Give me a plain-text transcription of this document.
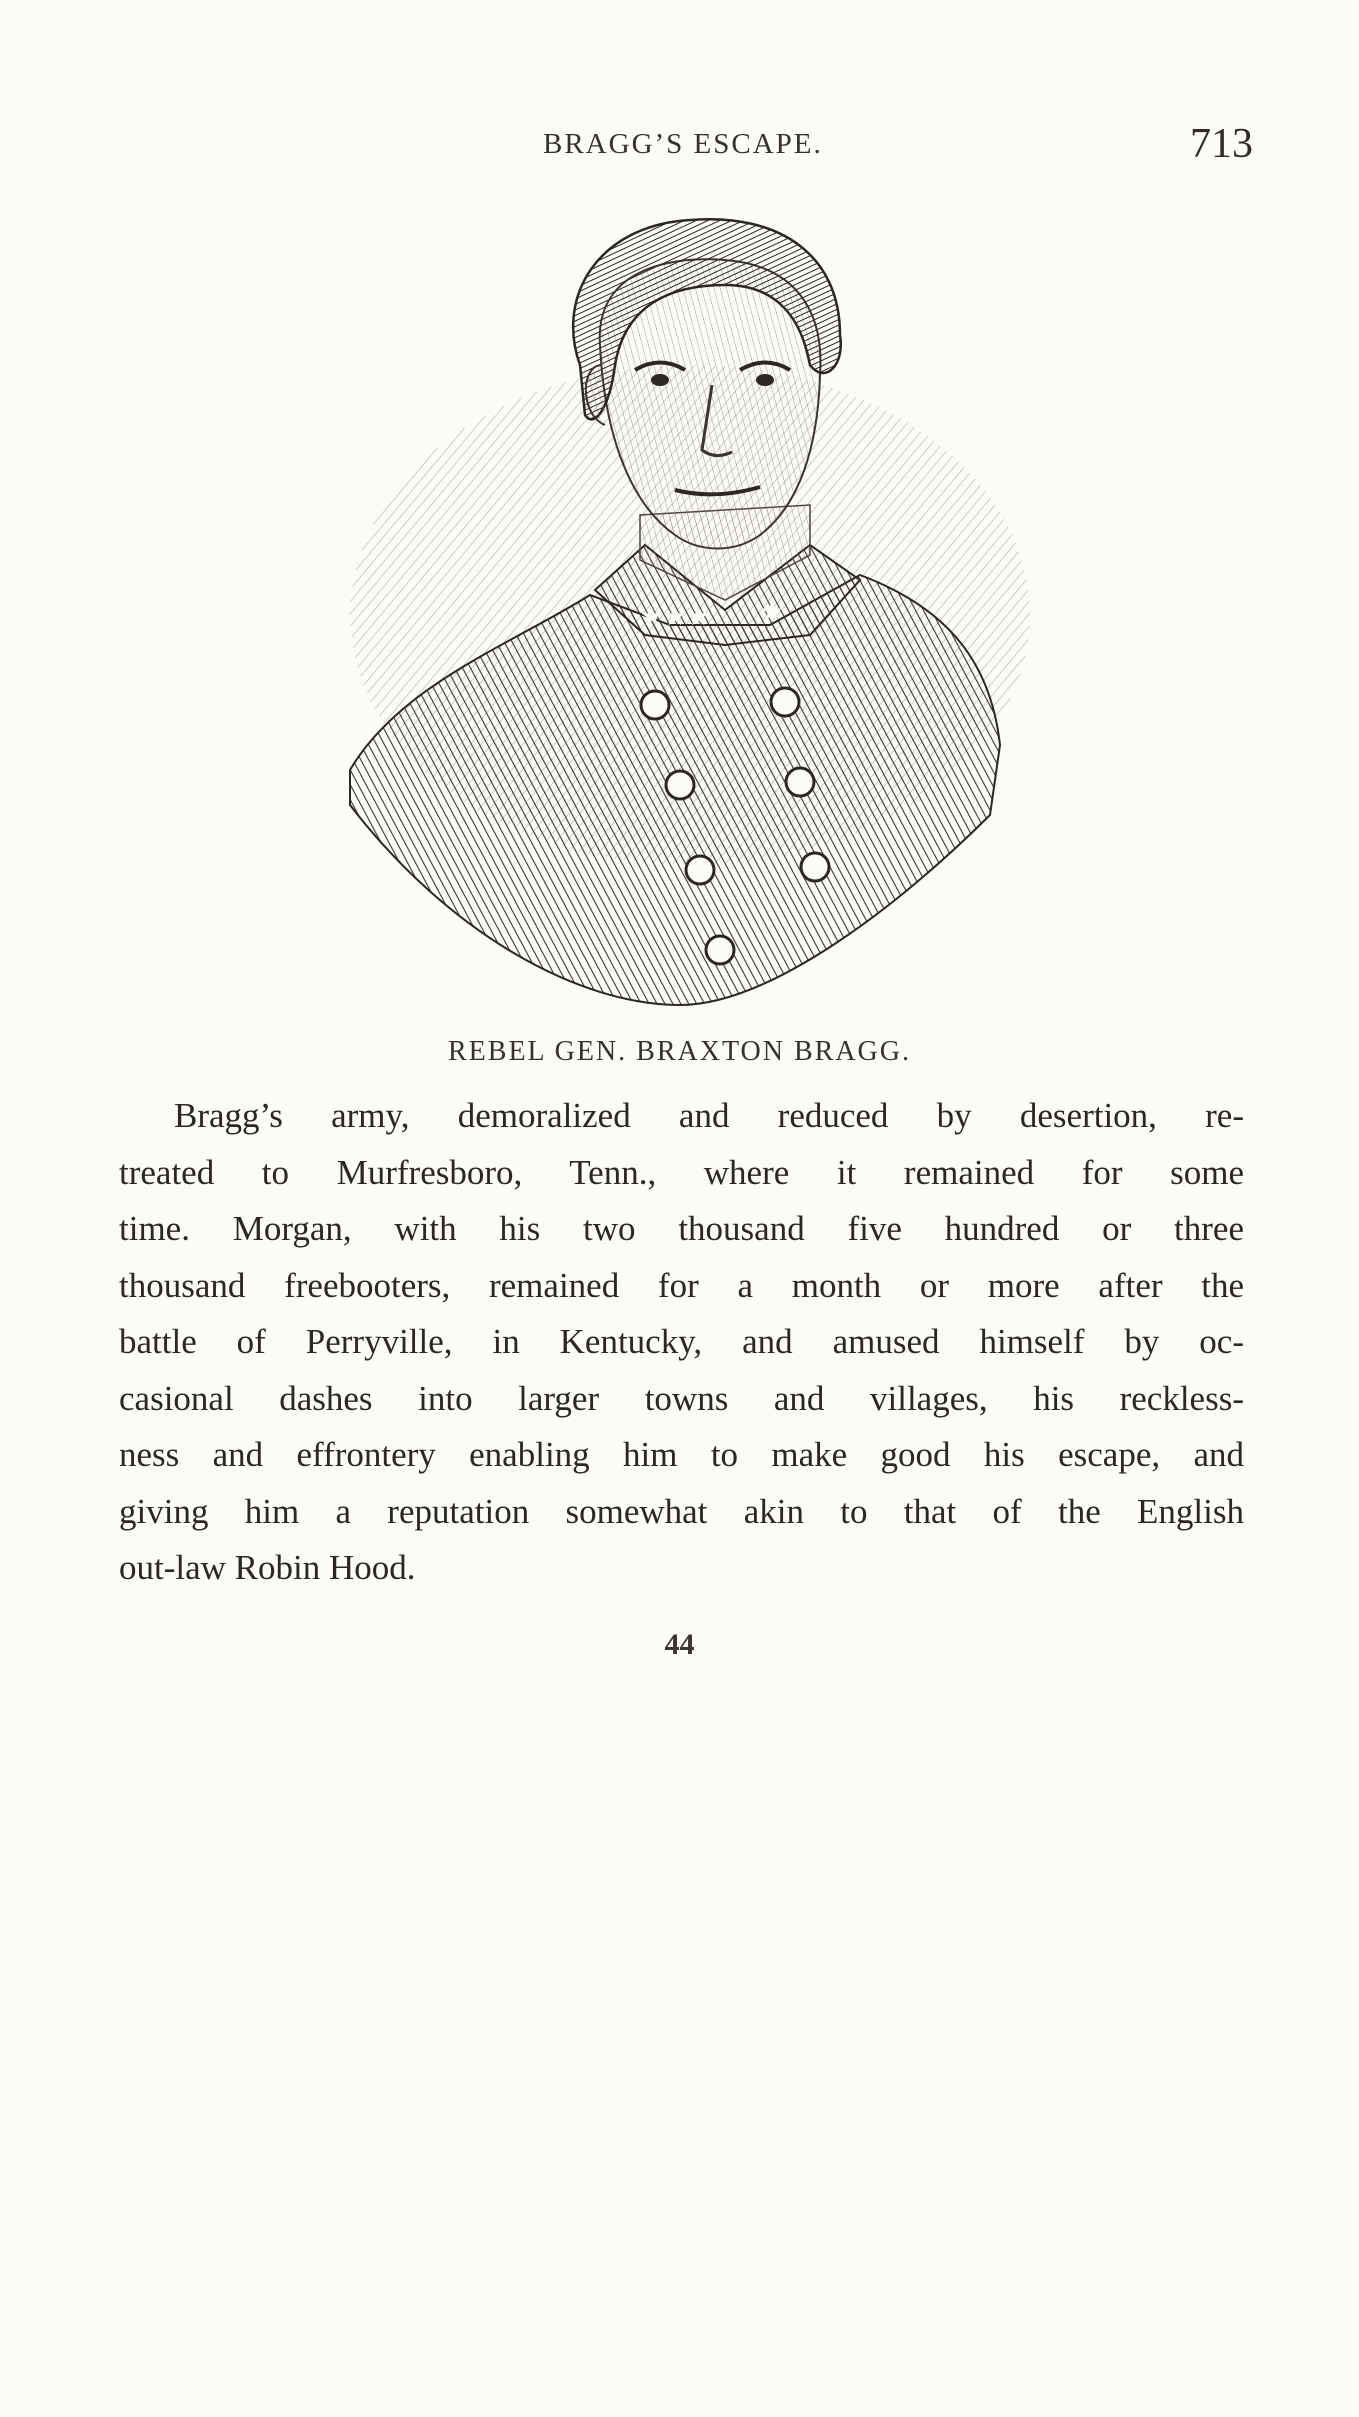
BRAGG’S ESCAPE.	713
★★★ ★
REBEL GEN. BRAXTON BRAGG.
Bragg’s army, demoralized and reduced by desertion, re-
treated to Murfresboro, Tenn., where it remained for some
time. Morgan, with his two thousand five hundred or three
thousand freebooters, remained for a month or more after the
battle of Perryville, in Kentucky, and amused himself by oc-
casional dashes into larger towns and villages, his reckless-
ness and effrontery enabling him to make good his escape, and
giving him a reputation somewhat akin to that of the English
out-law Robin Hood.
44
